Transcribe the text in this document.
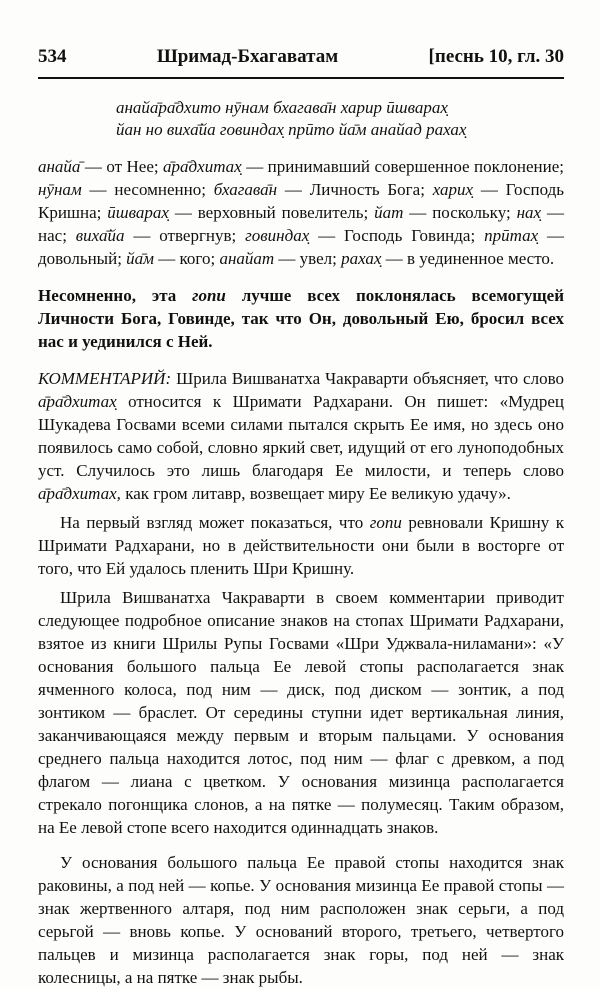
534	Шримад-Бхагаватам	[песнь 10, гл. 30
анайа̄ра̄дхито нӯнам бхагава̄н харир ӣшварах̣
йан но виха̄йа говиндах̣ прӣто йа̄м анайад рахах̣

анайа̄ — от Нее; а̄ра̄дхитах̣ — принимавший совершенное поклонение; нӯнам — несомненно; бхагава̄н — Личность Бога; харих̣ — Господь Кришна; ӣшварах̣ — верховный повелитель; йат — поскольку; нах̣ — нас; виха̄йа — отвергнув; говиндах̣ — Господь Говинда; прӣтах̣ — довольный; йа̄м — кого; анайат — увел; рахах̣ — в уединенное место.

Несомненно, эта гопи лучше всех поклонялась всемогущей Личности Бога, Говинде, так что Он, довольный Ею, бросил всех нас и уединился с Ней.

КОММЕНТАРИЙ: Шрила Вишванатха Чакраварти объясняет, что слово а̄ра̄дхитах̣ относится к Шримати Радхарани. Он пишет: «Мудрец Шукадева Госвами всеми силами пытался скрыть Ее имя, но здесь оно появилось само собой, словно яркий свет, идущий от его луноподобных уст. Случилось это лишь благодаря Ее милости, и теперь слово а̄ра̄дхитах, как гром литавр, возвещает миру Ее великую удачу».

На первый взгляд может показаться, что гопи ревновали Кришну к Шримати Радхарани, но в действительности они были в восторге от того, что Ей удалось пленить Шри Кришну.

Шрила Вишванатха Чакраварти в своем комментарии приводит следующее подробное описание знаков на стопах Шримати Радхарани, взятое из книги Шрилы Рупы Госвами «Шри Уджвала-ниламани»: «У основания большого пальца Ее левой стопы располагается знак ячменного колоса, под ним — диск, под диском — зонтик, а под зонтиком — браслет. От середины ступни идет вертикальная линия, заканчивающаяся между первым и вторым пальцами. У основания среднего пальца находится лотос, под ним — флаг с древком, а под флагом — лиана с цветком. У основания мизинца располагается стрекало погонщика слонов, а на пятке — полумесяц. Таким образом, на Ее левой стопе всего находится одиннадцать знаков.

У основания большого пальца Ее правой стопы находится знак раковины, а под ней — копье. У основания мизинца Ее правой стопы — знак жертвенного алтаря, под ним расположен знак серьги, а под серьгой — вновь копье. У оснований второго, третьего, четвертого пальцев и мизинца располагается знак горы, под ней — знак колесницы, а на пятке — знак рыбы.
